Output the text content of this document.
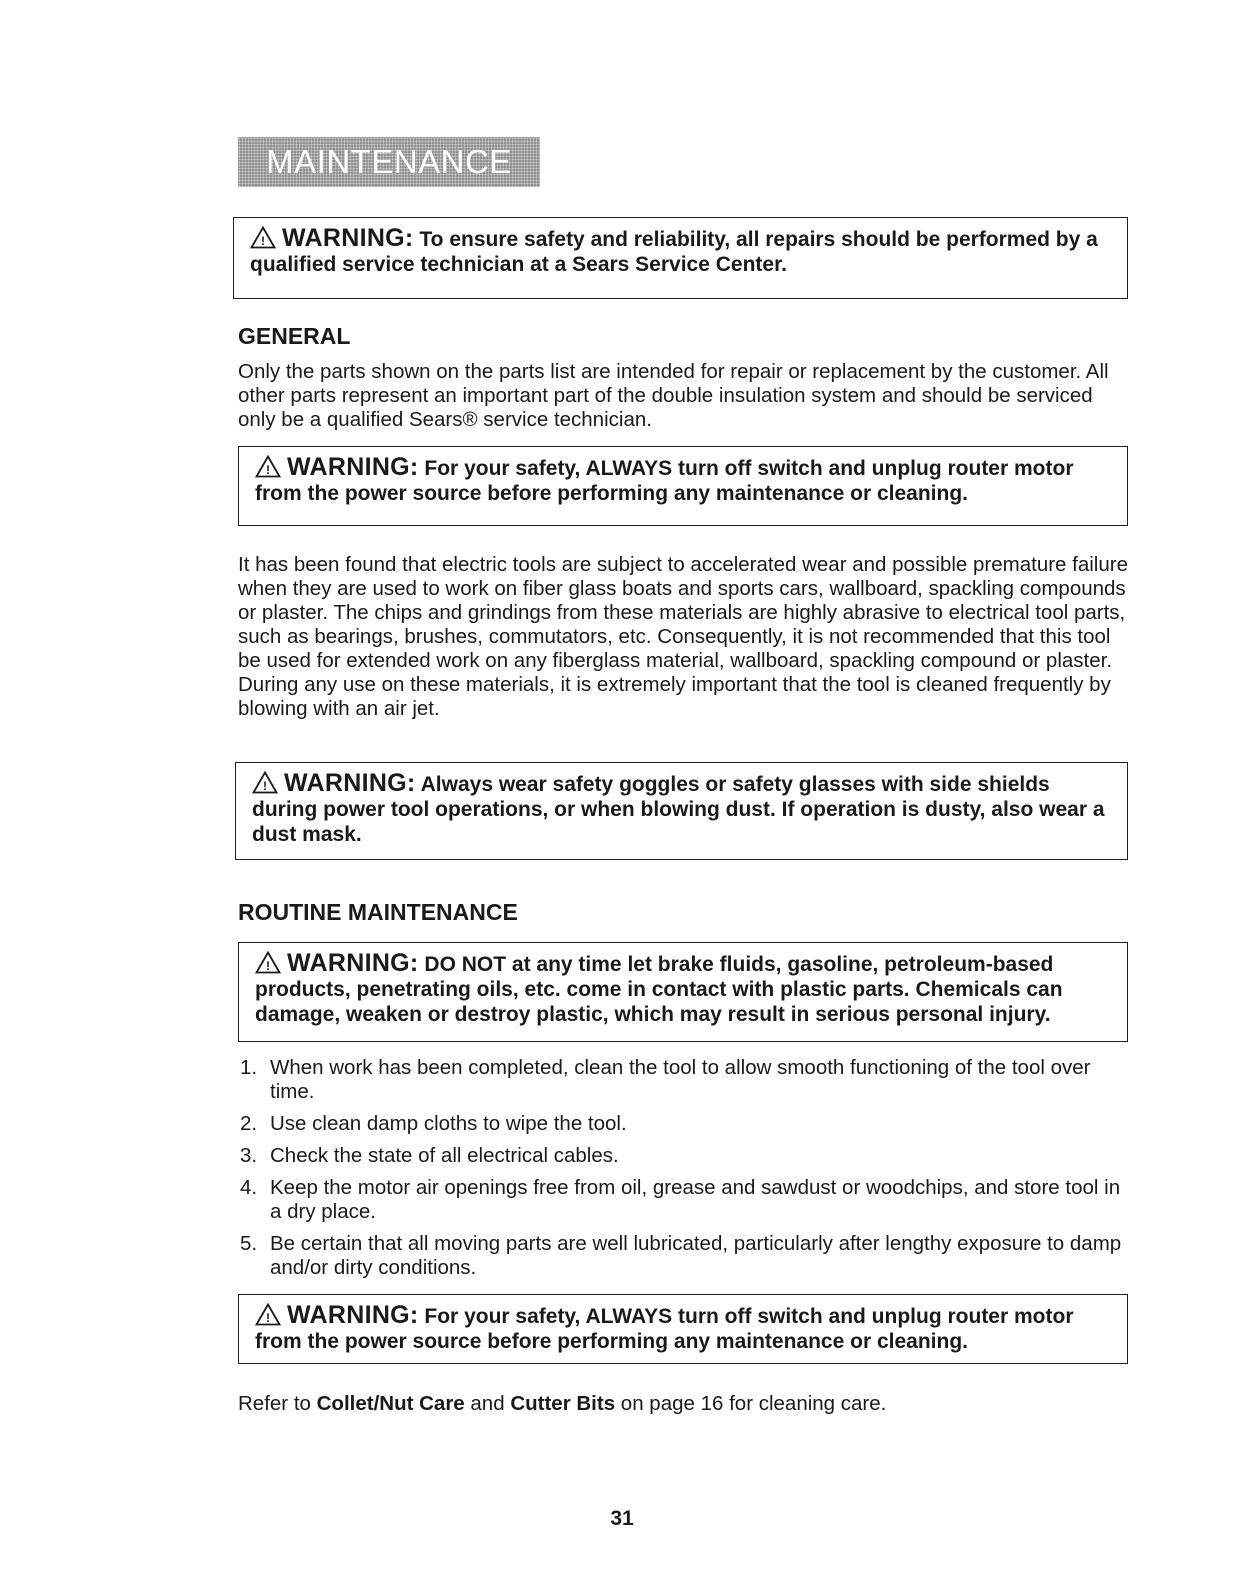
MAINTENANCE
! WARNING: To ensure safety and reliability, all repairs should be performed by a qualified service technician at a Sears Service Center.
GENERAL

Only the parts shown on the parts list are intended for repair or replacement by the customer. All other parts represent an important part of the double insulation system and should be serviced only be a qualified Sears® service technician.

! WARNING: For your safety, ALWAYS turn off switch and unplug router motor from the power source before performing any maintenance or cleaning.

It has been found that electric tools are subject to accelerated wear and possible premature failure when they are used to work on fiber glass boats and sports cars, wallboard, spackling compounds or plaster. The chips and grindings from these materials are highly abrasive to electrical tool parts, such as bearings, brushes, commutators, etc. Consequently, it is not recommended that this tool be used for extended work on any fiberglass material, wallboard, spackling compound or plaster. During any use on these materials, it is extremely important that the tool is cleaned frequently by blowing with an air jet.

! WARNING: Always wear safety goggles or safety glasses with side shields during power tool operations, or when blowing dust. If operation is dusty, also wear a dust mask.
ROUTINE MAINTENANCE
! WARNING: DO NOT at any time let brake fluids, gasoline, petroleum-based products, penetrating oils, etc. come in contact with plastic parts. Chemicals can damage, weaken or destroy plastic, which may result in serious personal injury.
1. When work has been completed, clean the tool to allow smooth functioning of the tool over time.
2. Use clean damp cloths to wipe the tool.
3. Check the state of all electrical cables.
4. Keep the motor air openings free from oil, grease and sawdust or woodchips, and store tool in a dry place.
5. Be certain that all moving parts are well lubricated, particularly after lengthy exposure to damp and/or dirty conditions.
! WARNING: For your safety, ALWAYS turn off switch and unplug router motor from the power source before performing any maintenance or cleaning.

Refer to Collet/Nut Care and Cutter Bits on page 16 for cleaning care.

31
